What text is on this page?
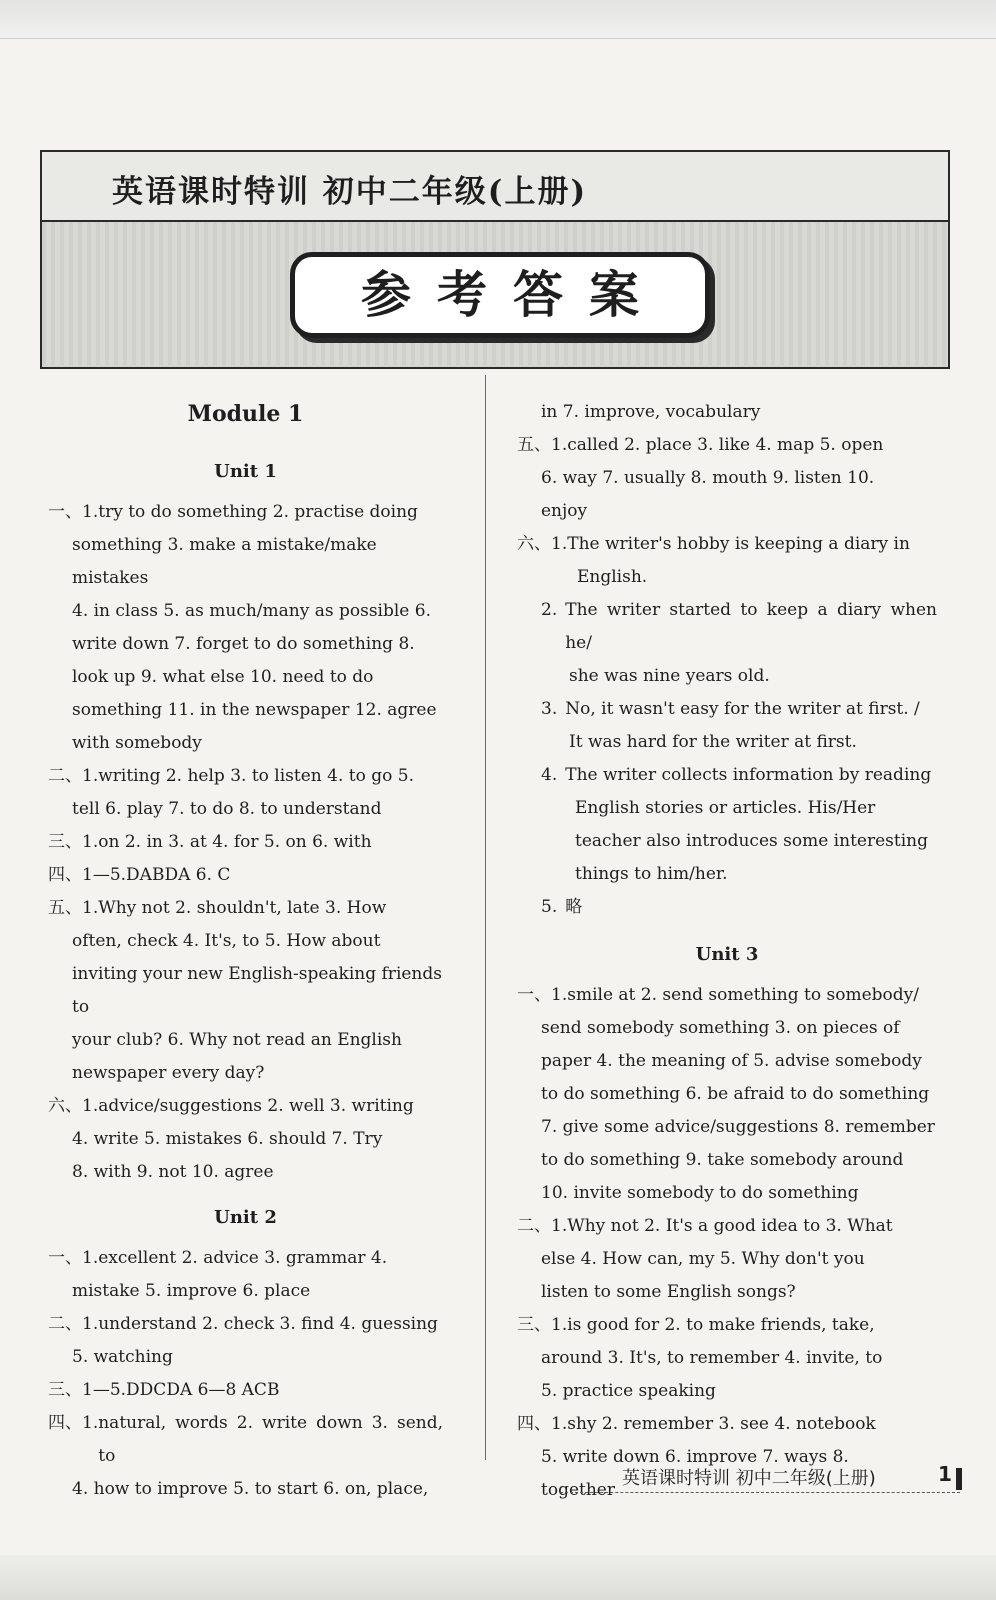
英语课时特训 初中二年级(上册)
参考答案
Module 1
Unit 1
一、1. try to do something 2. practise doing
something 3. make a mistake/make mistakes
4. in class 5. as much/many as possible 6.
write down 7. forget to do something 8.
look up 9. what else 10. need to do
something 11. in the newspaper 12. agree
with somebody
二、1. writing 2. help 3. to listen 4. to go 5.
tell 6. play 7. to do 8. to understand
三、1. on 2. in 3. at 4. for 5. on 6. with
四、1—5. DABDA 6. C
五、1. Why not 2. shouldn't, late 3. How
often, check 4. It's, to 5. How about
inviting your new English-speaking friends to
your club? 6. Why not read an English
newspaper every day?
六、1. advice/suggestions 2. well 3. writing
4. write 5. mistakes 6. should 7. Try
8. with 9. not 10. agree
Unit 2
一、1. excellent 2. advice 3. grammar 4.
mistake 5. improve 6. place
二、1. understand 2. check 3. find 4. guessing
5. watching
三、1—5. DDCDA 6—8 ACB
四、1. natural, words 2. write down 3. send, to
4. how to improve 5. to start 6. on, place,
in 7. improve, vocabulary
五、1. called 2. place 3. like 4. map 5. open
6. way 7. usually 8. mouth 9. listen 10.
enjoy
六、1. The writer's hobby is keeping a diary in
English.
2. The writer started to keep a diary when he/
she was nine years old.
3. No, it wasn't easy for the writer at first. /
It was hard for the writer at first.
4. The writer collects information by reading
English stories or articles. His/Her
teacher also introduces some interesting
things to him/her.
5. 略
Unit 3
一、1. smile at 2. send something to somebody/
send somebody something 3. on pieces of
paper 4. the meaning of 5. advise somebody
to do something 6. be afraid to do something
7. give some advice/suggestions 8. remember
to do something 9. take somebody around
10. invite somebody to do something
二、1. Why not 2. It's a good idea to 3. What
else 4. How can, my 5. Why don't you
listen to some English songs?
三、1. is good for 2. to make friends, take,
around 3. It's, to remember 4. invite, to
5. practice speaking
四、1. shy 2. remember 3. see 4. notebook
5. write down 6. improve 7. ways 8.
together
英语课时特训 初中二年级(上册)	1
